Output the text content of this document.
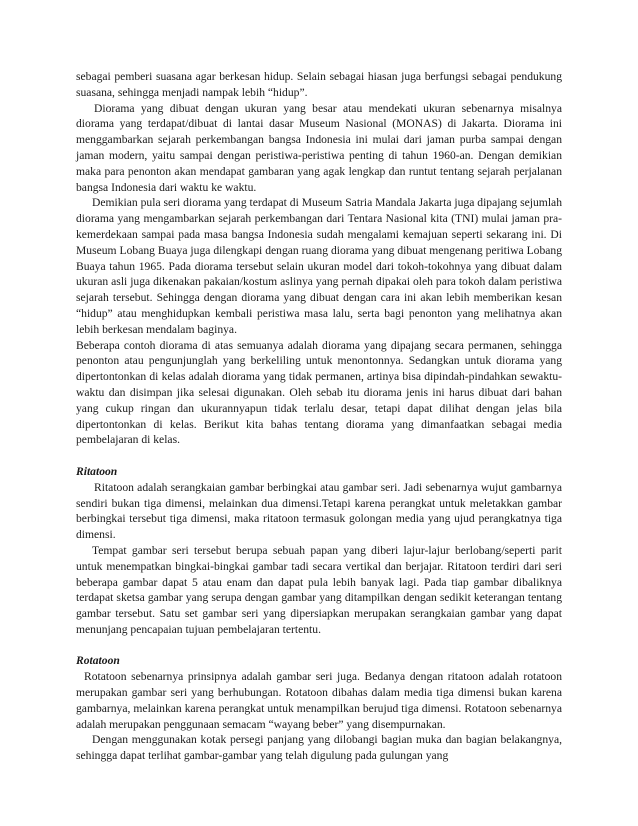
sebagai pemberi suasana agar berkesan hidup. Selain sebagai hiasan juga berfungsi sebagai pendukung suasana, sehingga menjadi nampak lebih “hidup”.

Diorama yang dibuat dengan ukuran yang besar atau mendekati ukuran sebenarnya misalnya diorama yang terdapat/dibuat di lantai dasar Museum Nasional (MONAS) di Jakarta. Diorama ini menggambarkan sejarah perkembangan bangsa Indonesia ini mulai dari jaman purba sampai dengan jaman modern, yaitu sampai dengan peristiwa-peristiwa penting di tahun 1960-an. Dengan demikian maka para penonton akan mendapat gambaran yang agak lengkap dan runtut tentang sejarah perjalanan bangsa Indonesia dari waktu ke waktu.

Demikian pula seri diorama yang terdapat di Museum Satria Mandala Jakarta juga dipajang sejumlah diorama yang mengambarkan sejarah perkembangan dari Tentara Nasional kita (TNI) mulai jaman pra-kemerdekaan sampai pada masa bangsa Indonesia sudah mengalami kemajuan seperti sekarang ini. Di Museum Lobang Buaya juga dilengkapi dengan ruang diorama yang dibuat mengenang peritiwa Lobang Buaya tahun 1965. Pada diorama tersebut selain ukuran model dari tokoh-tokohnya yang dibuat dalam ukuran asli juga dikenakan pakaian/kostum aslinya yang pernah dipakai oleh para tokoh dalam peristiwa sejarah tersebut. Sehingga dengan diorama yang dibuat dengan cara ini akan lebih memberikan kesan “hidup” atau menghidupkan kembali peristiwa masa lalu, serta bagi penonton yang melihatnya akan lebih berkesan mendalam baginya.

Beberapa contoh diorama di atas semuanya adalah diorama yang dipajang secara permanen, sehingga penonton atau pengunjunglah yang berkeliling untuk menontonnya. Sedangkan untuk diorama yang dipertontonkan di kelas adalah diorama yang tidak permanen, artinya bisa dipindah-pindahkan sewaktu-waktu dan disimpan jika selesai digunakan. Oleh sebab itu diorama jenis ini harus dibuat dari bahan yang cukup ringan dan ukurannyapun tidak terlalu desar, tetapi dapat dilihat dengan jelas bila dipertontonkan di kelas. Berikut kita bahas tentang diorama yang dimanfaatkan sebagai media pembelajaran di kelas.

Ritatoon

Ritatoon adalah serangkaian gambar berbingkai atau gambar seri. Jadi sebenarnya wujut gambarnya sendiri bukan tiga dimensi, melainkan dua dimensi.Tetapi karena perangkat untuk meletakkan gambar berbingkai tersebut tiga dimensi, maka ritatoon termasuk golongan media yang ujud perangkatnya tiga dimensi.

Tempat gambar seri tersebut berupa sebuah papan yang diberi lajur-lajur berlobang/seperti parit untuk menempatkan bingkai-bingkai gambar tadi secara vertikal dan berjajar. Ritatoon terdiri dari seri beberapa gambar dapat 5 atau enam dan dapat pula lebih banyak lagi. Pada tiap gambar dibaliknya terdapat sketsa gambar yang serupa dengan gambar yang ditampilkan dengan sedikit keterangan tentang gambar tersebut. Satu set gambar seri yang dipersiapkan merupakan serangkaian gambar yang dapat menunjang pencapaian tujuan pembelajaran tertentu.

Rotatoon

Rotatoon sebenarnya prinsipnya adalah gambar seri juga. Bedanya dengan ritatoon adalah rotatoon merupakan gambar seri yang berhubungan. Rotatoon dibahas dalam media tiga dimensi bukan karena gambarnya, melainkan karena perangkat untuk menampilkan berujud tiga dimensi. Rotatoon sebenarnya adalah merupakan penggunaan semacam “wayang beber” yang disempurnakan.

Dengan menggunakan kotak persegi panjang yang dilobangi bagian muka dan bagian belakangnya, sehingga dapat terlihat gambar-gambar yang telah digulung pada gulungan yang
